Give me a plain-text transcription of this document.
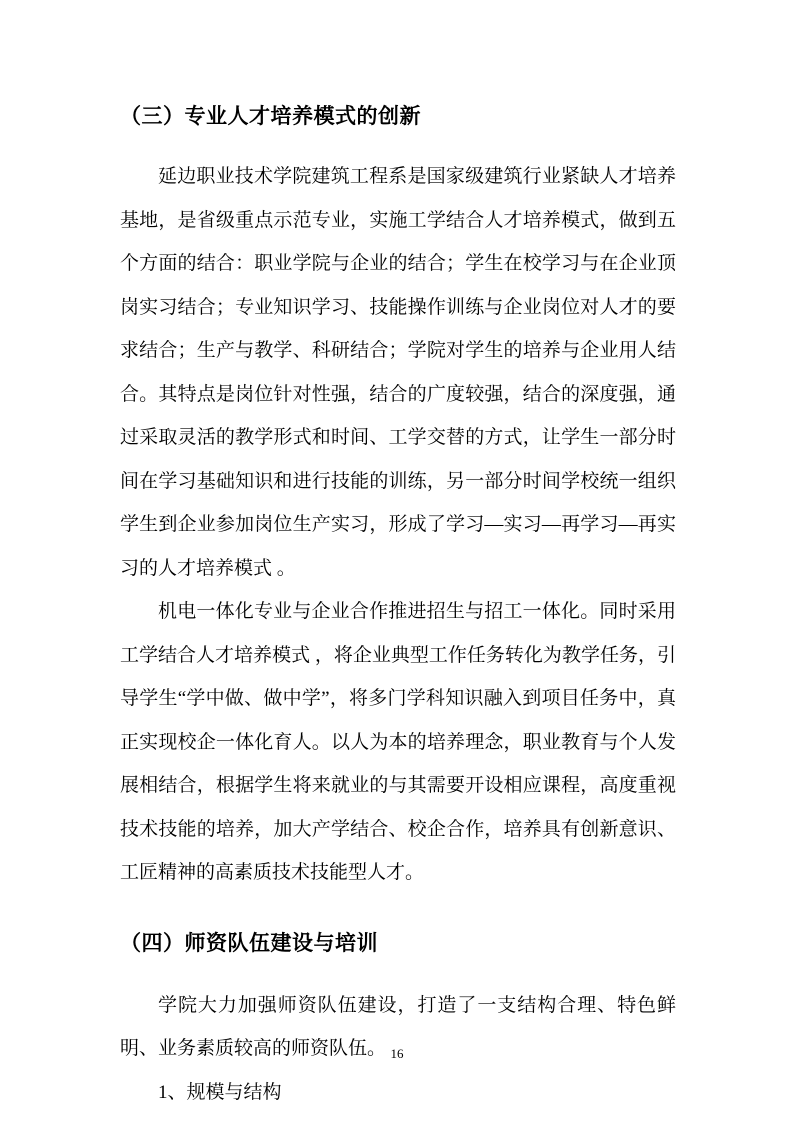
（三）专业人才培养模式的创新

延边职业技术学院建筑工程系是国家级建筑行业紧缺人才培养基地，是省级重点示范专业，实施工学结合人才培养模式，做到五个方面的结合：职业学院与企业的结合；学生在校学习与在企业顶岗实习结合；专业知识学习、技能操作训练与企业岗位对人才的要求结合；生产与教学、科研结合；学院对学生的培养与企业用人结合。其特点是岗位针对性强，结合的广度较强，结合的深度强，通过采取灵活的教学形式和时间、工学交替的方式，让学生一部分时间在学习基础知识和进行技能的训练，另一部分时间学校统一组织学生到企业参加岗位生产实习，形成了学习—实习—再学习—再实习的人才培养模式 。

机电一体化专业与企业合作推进招生与招工一体化。同时采用工学结合人才培养模式 ，将企业典型工作任务转化为教学任务，引导学生“学中做、做中学”，将多门学科知识融入到项目任务中，真正实现校企一体化育人。以人为本的培养理念，职业教育与个人发展相结合，根据学生将来就业的与其需要开设相应课程，高度重视技术技能的培养，加大产学结合、校企合作，培养具有创新意识、工匠精神的高素质技术技能型人才。

（四）师资队伍建设与培训

学院大力加强师资队伍建设，打造了一支结构合理、特色鲜明、业务素质较高的师资队伍。

1、规模与结构

16
